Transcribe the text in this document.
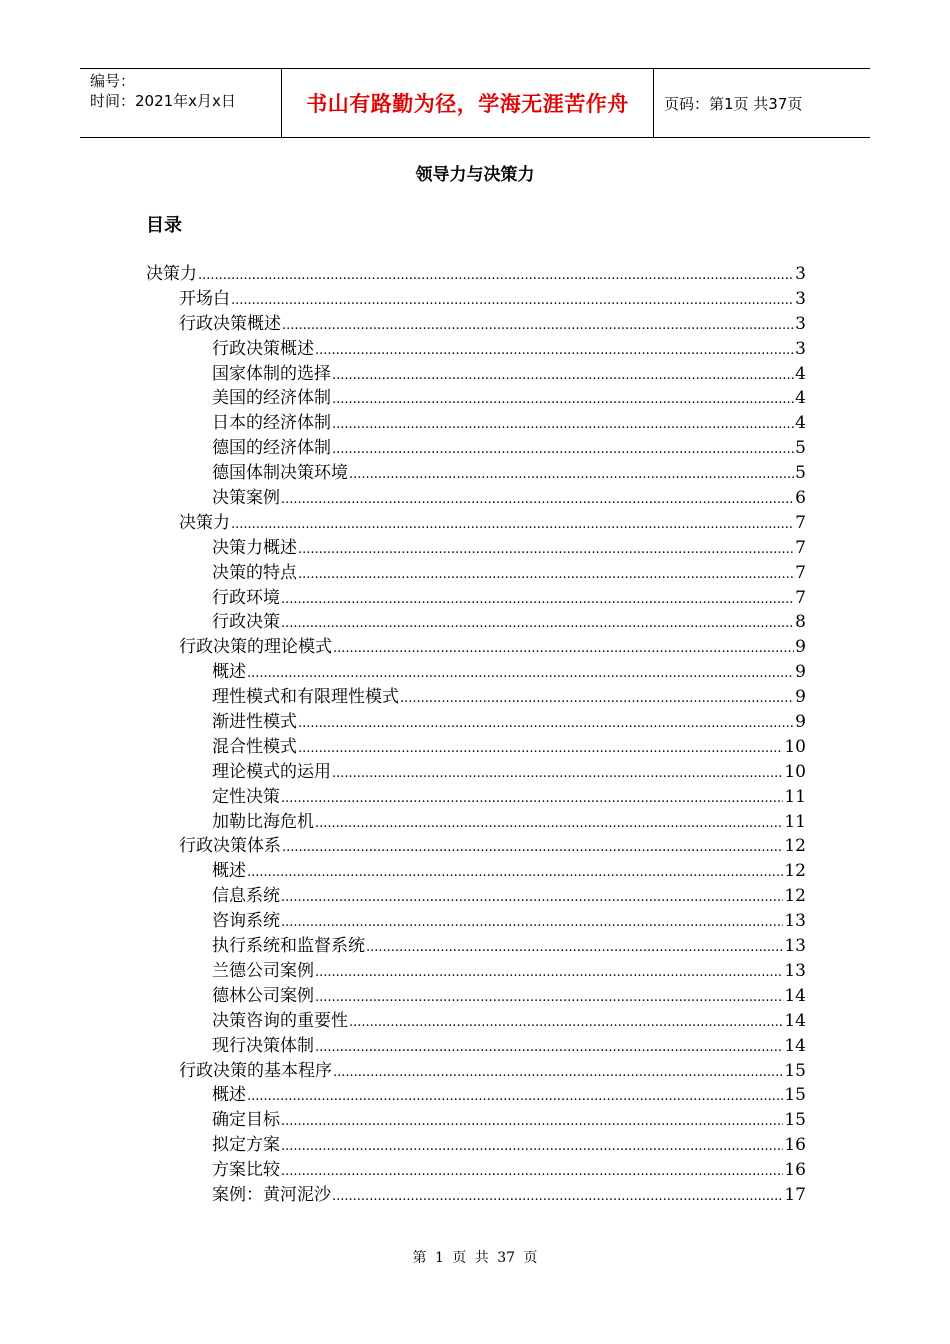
编号：
时间：2021年x月x日	书山有路勤为径，学海无涯苦作舟 页码：第1页 共37页
领导力与决策力
目录
决策力 .....	3
开场白 .....	3
行政决策概述 .....	3
行政决策概述 .....	3
国家体制的选择 .....	4
美国的经济体制 .....	4
日本的经济体制 .....	4
德国的经济体制 .....	5
德国体制决策环境 .....	5
决策案例 .....	6
决策力 .....	7
决策力概述 .....	7
决策的特点 .....	7
行政环境 .....	7
行政决策 .....	8
行政决策的理论模式 .....	9
概述 .....	9
理性模式和有限理性模式 .....	9
渐进性模式 .....	9
混合性模式 .....	10
理论模式的运用 .....	10
定性决策 .....	11
加勒比海危机 .....	11
行政决策体系 .....	12
概述 .....	12
信息系统 .....	12
咨询系统 .....	13
执行系统和监督系统 .....	13
兰德公司案例 .....	13
德林公司案例 .....	14
决策咨询的重要性 .....	14
现行决策体制 .....	14
行政决策的基本程序 .....	15
概述 .....	15
确定目标 .....	15
拟定方案 .....	16
方案比较 .....	16
案例：黄河泥沙 .....	17
第 1 页 共 37 页
